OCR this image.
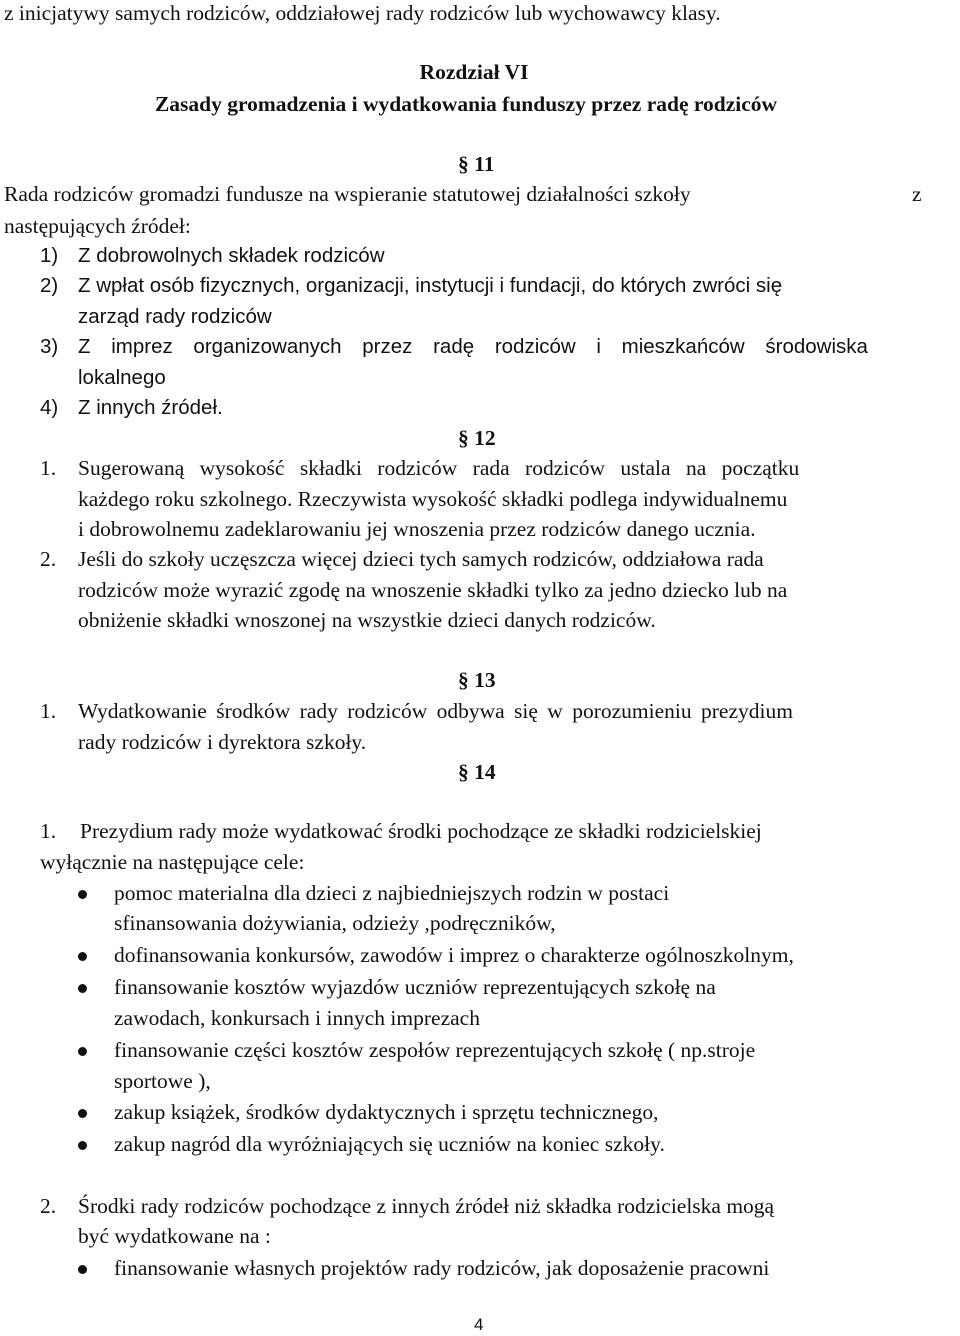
z inicjatywy samych rodziców, oddziałowej rady rodziców lub wychowawcy klasy.
Rozdział VI
Zasady gromadzenia i wydatkowania funduszy przez radę rodziców
§ 11
Rada rodziców gromadzi fundusze na wspieranie statutowej działalności szkoły	z
następujących źródeł:
1) Z dobrowolnych składek rodziców
2) Z wpłat osób fizycznych, organizacji, instytucji i fundacji, do których zwróci się
zarząd rady rodziców
3) Z imprez organizowanych przez radę rodziców i mieszkańców środowiska
lokalnego
4) Z innych źródeł.
§ 12
1. Sugerowaną wysokość składki rodziców rada rodziców ustala na początku
każdego roku szkolnego. Rzeczywista wysokość składki podlega indywidualnemu
i dobrowolnemu zadeklarowaniu jej wnoszenia przez rodziców danego ucznia.
2. Jeśli do szkoły uczęszcza więcej dzieci tych samych rodziców, oddziałowa rada
rodziców może wyrazić zgodę na wnoszenie składki tylko za jedno dziecko lub na
obniżenie składki wnoszonej na wszystkie dzieci danych rodziców.
§ 13
1. Wydatkowanie środków rady rodziców odbywa się w porozumieniu prezydium
rady rodziców i dyrektora szkoły.
§ 14
1. Prezydium rady może wydatkować środki pochodzące ze składki rodzicielskiej
wyłącznie na następujące cele:
pomoc materialna dla dzieci z najbiedniejszych rodzin w postaci
sfinansowania dożywiania, odzieży ,podręczników,
dofinansowania konkursów, zawodów i imprez o charakterze ogólnoszkolnym,
finansowanie kosztów wyjazdów uczniów reprezentujących szkołę na
zawodach, konkursach i innych imprezach
finansowanie części kosztów zespołów reprezentujących szkołę ( np.stroje
sportowe ),
zakup książek, środków dydaktycznych i sprzętu technicznego,
zakup nagród dla wyróżniających się uczniów na koniec szkoły.
2. Środki rady rodziców pochodzące z innych źródeł niż składka rodzicielska mogą
być wydatkowane na :
finansowanie własnych projektów rady rodziców, jak doposażenie pracowni
4
